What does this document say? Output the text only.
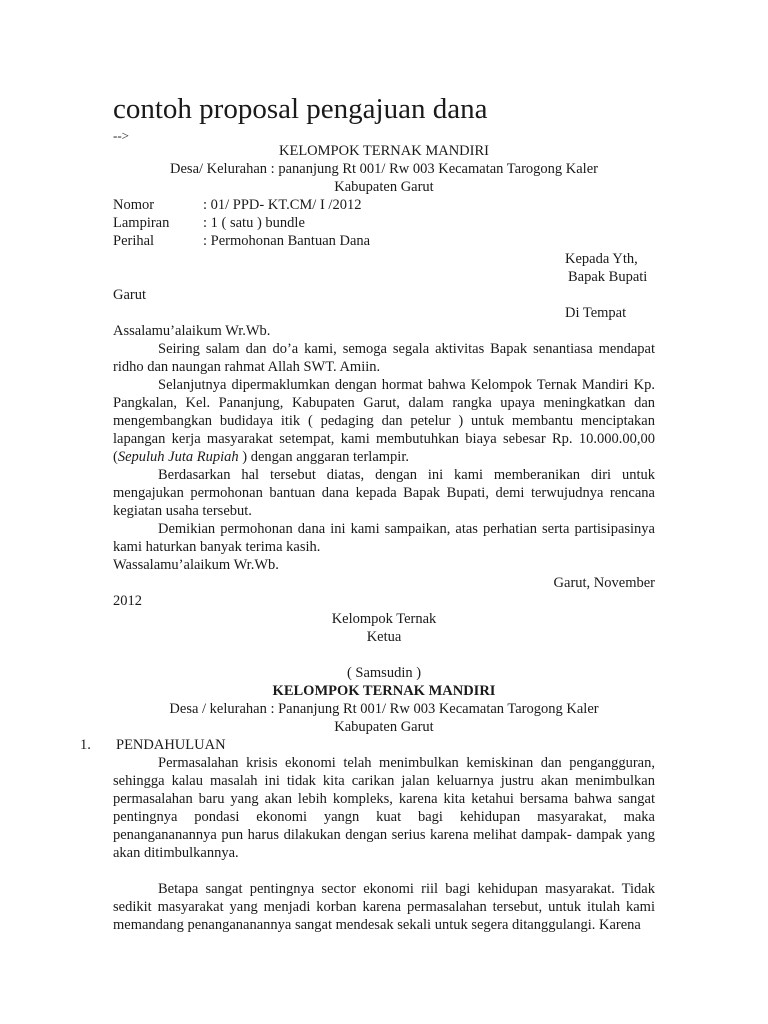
contoh proposal pengajuan dana
-->
KELOMPOK TERNAK MANDIRI
Desa/ Kelurahan : pananjung Rt 001/ Rw 003 Kecamatan Tarogong Kaler
Kabupaten Garut
Nomor	: 01/ PPD- KT.CM/ I /2012
Lampiran : 1 ( satu ) bundle
Perihal	: Permohonan Bantuan Dana
Kepada Yth,
Bapak Bupati
Garut
Di Tempat
Assalamu’alaikum Wr.Wb.
Seiring salam dan do’a kami, semoga segala aktivitas Bapak senantiasa mendapat ridho dan naungan rahmat Allah SWT. Amiin.
Selanjutnya dipermaklumkan dengan hormat bahwa Kelompok Ternak Mandiri Kp. Pangkalan, Kel. Pananjung, Kabupaten Garut, dalam rangka upaya meningkatkan dan mengembangkan budidaya itik ( pedaging dan petelur ) untuk membantu menciptakan lapangan kerja masyarakat setempat, kami membutuhkan biaya sebesar Rp. 10.000.00,00 (Sepuluh Juta Rupiah ) dengan anggaran terlampir.
Berdasarkan hal tersebut diatas, dengan ini kami memberanikan diri untuk mengajukan permohonan bantuan dana kepada Bapak Bupati, demi terwujudnya rencana kegiatan usaha tersebut.
Demikian permohonan dana ini kami sampaikan, atas perhatian serta partisipasinya kami haturkan banyak terima kasih.
Wassalamu’alaikum Wr.Wb.
Garut, November
2012
Kelompok Ternak
Ketua
( Samsudin )
KELOMPOK TERNAK MANDIRI
Desa / kelurahan : Pananjung Rt 001/ Rw 003 Kecamatan Tarogong Kaler
Kabupaten Garut
1. PENDAHULUAN
Permasalahan krisis ekonomi telah menimbulkan kemiskinan dan pengangguran, sehingga kalau masalah ini tidak kita carikan jalan keluarnya justru akan menimbulkan permasalahan baru yang akan lebih kompleks, karena kita ketahui bersama bahwa sangat pentingnya pondasi ekonomi yangn kuat bagi kehidupan masyarakat, maka penangananannya pun harus dilakukan dengan serius karena melihat dampak- dampak yang akan ditimbulkannya.
Betapa sangat pentingnya sector ekonomi riil bagi kehidupan masyarakat. Tidak sedikit masyarakat yang menjadi korban karena permasalahan tersebut, untuk itulah kami memandang penangananannya sangat mendesak sekali untuk segera ditanggulangi. Karena
